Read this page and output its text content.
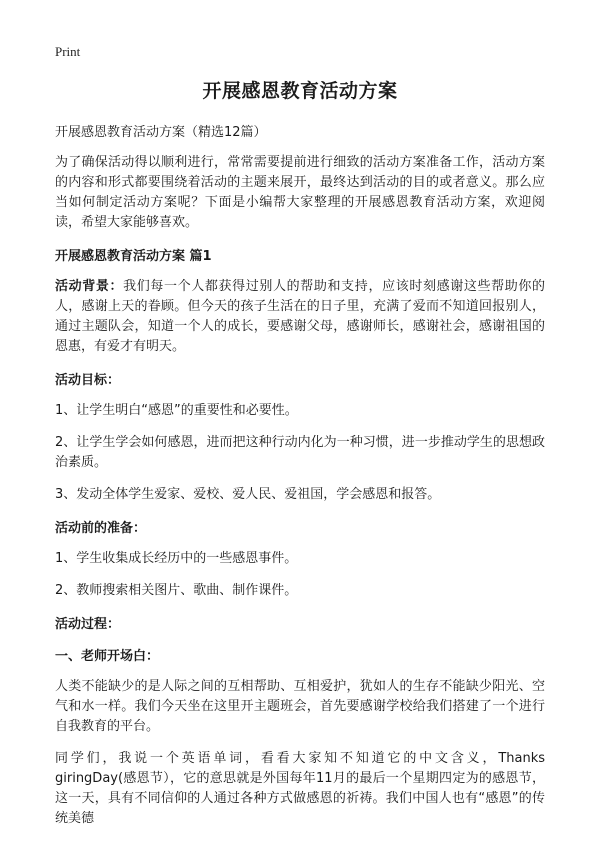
Print
开展感恩教育活动方案
开展感恩教育活动方案（精选12篇）

为了确保活动得以顺利进行，常常需要提前进行细致的活动方案准备工作，活动方案的内容和形式都要围绕着活动的主题来展开，最终达到活动的目的或者意义。那么应当如何制定活动方案呢？下面是小编帮大家整理的开展感恩教育活动方案，欢迎阅读，希望大家能够喜欢。

开展感恩教育活动方案 篇1

活动背景：我们每一个人都获得过别人的帮助和支持，应该时刻感谢这些帮助你的人，感谢上天的眷顾。但今天的孩子生活在的日子里，充满了爱而不知道回报别人，通过主题队会，知道一个人的成长，要感谢父母，感谢师长，感谢社会，感谢祖国的恩惠，有爱才有明天。

活动目标：

1、让学生明白“感恩”的重要性和必要性。

2、让学生学会如何感恩，进而把这种行动内化为一种习惯，进一步推动学生的思想政治素质。

3、发动全体学生爱家、爱校、爱人民、爱祖国，学会感恩和报答。

活动前的准备：

1、学生收集成长经历中的一些感恩事件。

2、教师搜索相关图片、歌曲、制作课件。

活动过程：
一、老师开场白：

人类不能缺少的是人际之间的互相帮助、互相爱护，犹如人的生存不能缺少阳光、空气和水一样。我们今天坐在这里开主题班会，首先要感谢学校给我们搭建了一个进行自我教育的平台。

同学们，我说一个英语单词，看看大家知不知道它的中文含义，Thanks giringDay(感恩节），它的意思就是外国每年11月的最后一个星期四定为的感恩节，这一天，具有不同信仰的人通过各种方式做感恩的祈祷。我们中国人也有“感恩”的传统美德
